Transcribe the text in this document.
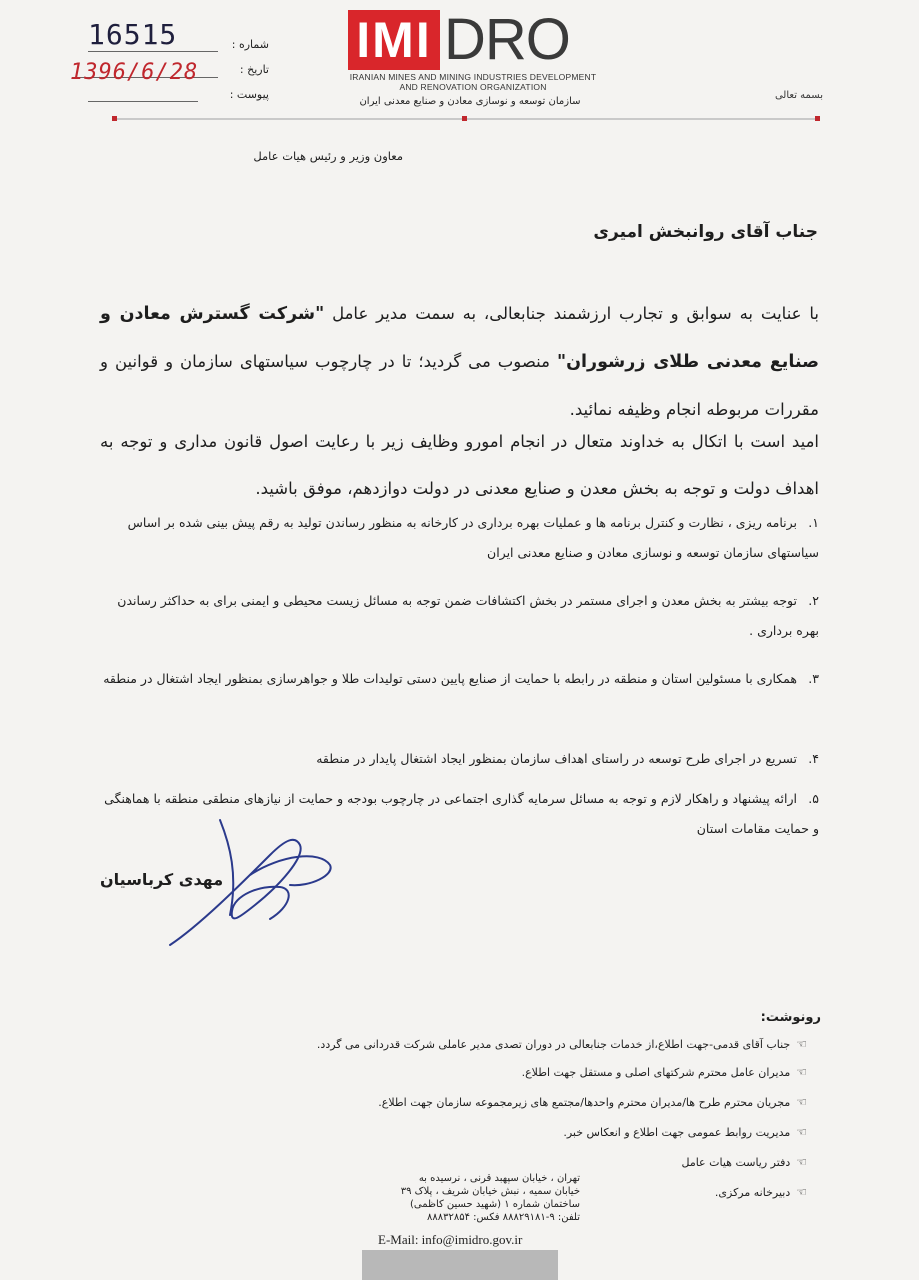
IMI DRO
IRANIAN MINES AND MINING INDUSTRIES DEVELOPMENT
AND RENOVATION ORGANIZATION
سازمان توسعه و نوسازی معادن و صنایع معدنی ایران
بسمه تعالی
شماره :
تاریخ :
پیوست :
16515
1396/6/28
معاون وزیر و رئیس هیات عامل
جناب آقای روانبخش امیری
با عنایت به سوابق و تجارب ارزشمند جنابعالی، به سمت مدیر عامل "شرکت گسترش معادن و صنایع معدنی طلای زرشوران" منصوب می گردید؛ تا در چارچوب سیاستهای سازمان و قوانین و مقررات مربوطه انجام وظیفه نمائید.
امید است با اتکال به خداوند متعال در انجام امورو وظایف زیر با رعایت اصول قانون مداری و توجه به اهداف دولت و توجه به بخش معدن و صنایع معدنی در دولت دوازدهم، موفق باشید.
۱.برنامه ریزی ، نظارت و کنترل برنامه ها و عملیات بهره برداری در کارخانه به منظور رساندن تولید به رقم پیش بینی شده بر اساس سیاستهای سازمان توسعه و نوسازی معادن و صنایع معدنی ایران
۲.توجه بیشتر به بخش معدن و اجرای مستمر در بخش اکتشافات ضمن توجه به مسائل زیست محیطی و ایمنی برای به حداکثر رساندن بهره برداری .
۳.همکاری با مسئولین استان و منطقه در رابطه با حمایت از صنایع پایین دستی تولیدات طلا و جواهرسازی بمنظور ایجاد اشتغال در منطقه
۴.تسریع در اجرای طرح توسعه در راستای اهداف سازمان بمنظور ایجاد اشتغال پایدار در منطقه
۵.ارائه پیشنهاد و راهکار لازم و توجه به مسائل سرمایه گذاری اجتماعی در چارچوب بودجه و حمایت از نیازهای منطقی منطقه با هماهنگی و حمایت مقامات استان
مهدی کرباسیان
رونوشت:
☜
جناب آقای قدمی-جهت اطلاع،از خدمات جنابعالی در دوران تصدی مدیر عاملی شرکت قدردانی می گردد.
☜
مدیران عامل محترم شرکتهای اصلی و مستقل جهت اطلاع.
☜
مجریان محترم طرح ها/مدیران محترم واحدها/مجتمع های زیرمجموعه سازمان جهت اطلاع.
☜
مدیریت روابط عمومی جهت اطلاع و انعکاس خبر.
☜
دفتر ریاست هیات عامل
☜
دبیرخانه مرکزی.
تهران ، خیابان سپهبد قرنی ، نرسیده به
خیابان سمیه ، نبش خیابان شریف ، پلاک ۳۹
ساختمان شماره ۱ (شهید حسین کاظمی)
تلفن: ۹-۸۸۸۲۹۱۸۱ فکس: ۸۸۸۳۲۸۵۴
E-Mail: info@imidro.gov.ir
